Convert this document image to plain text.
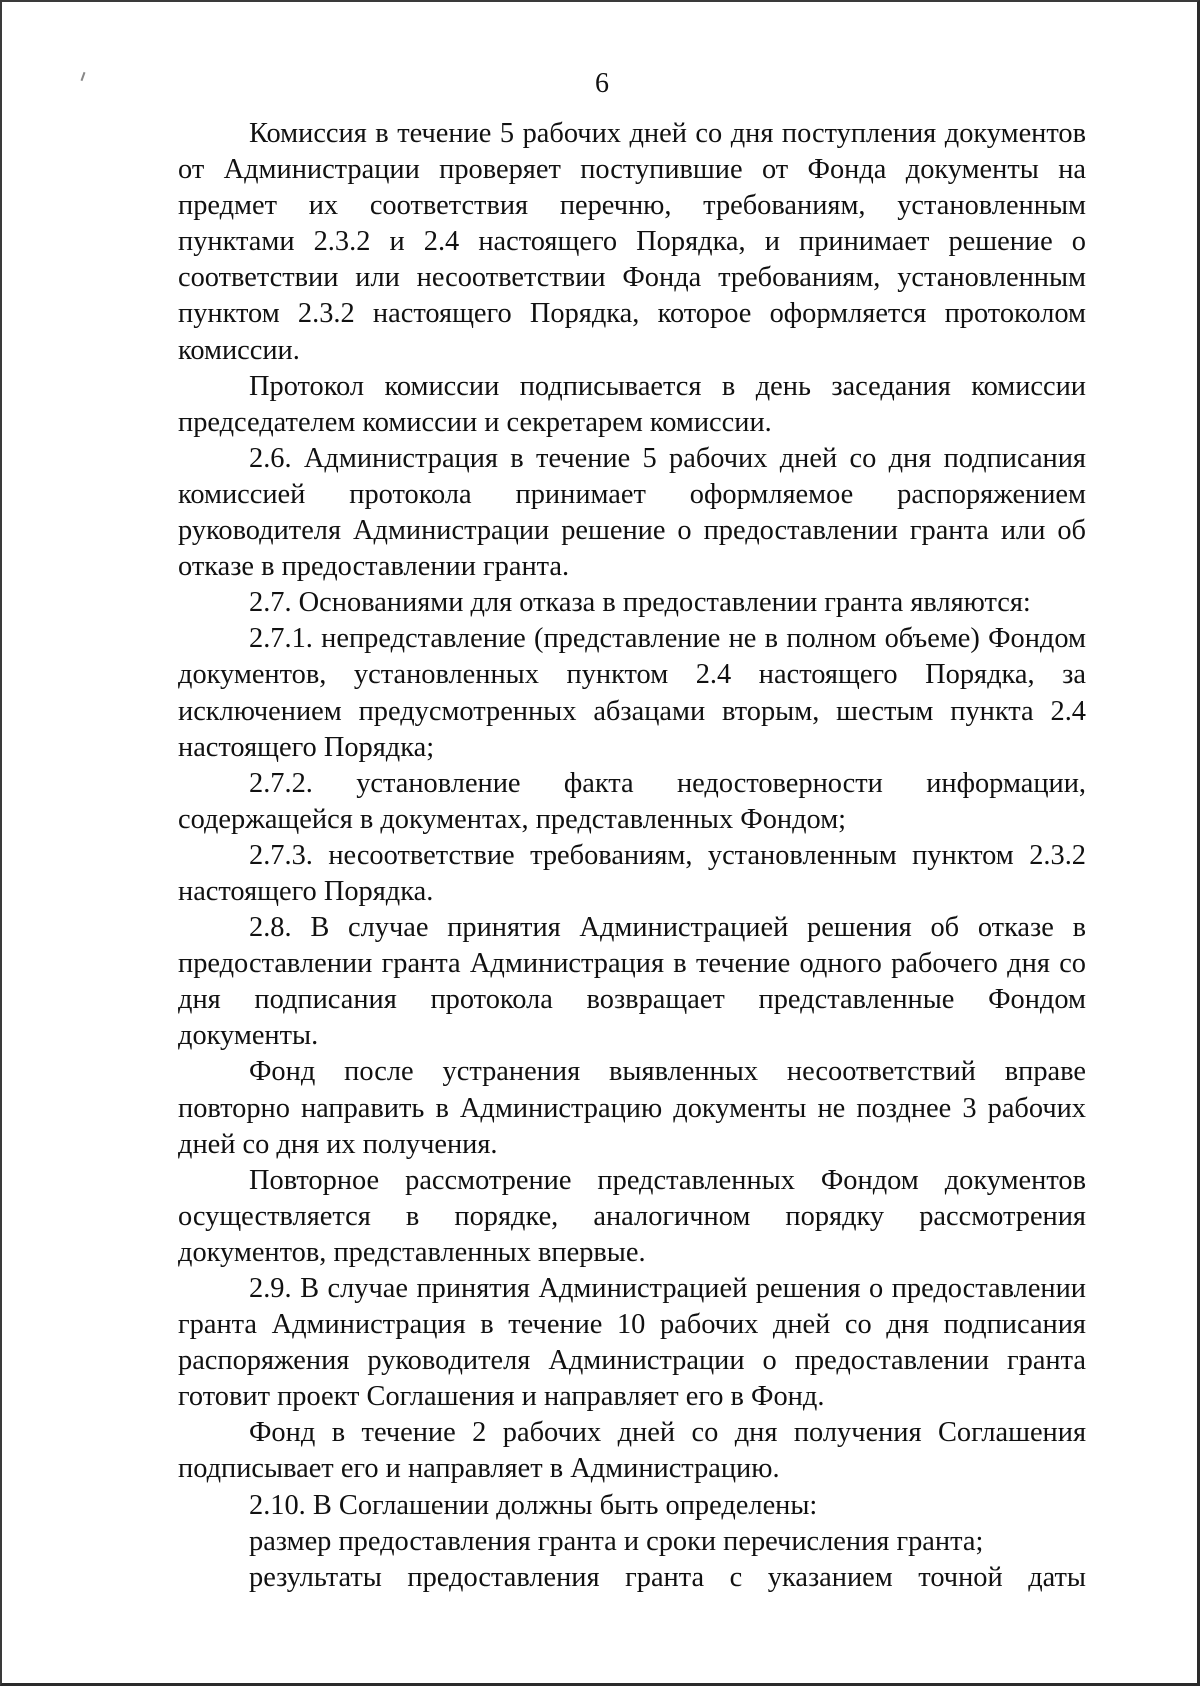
6

Комиссия в течение 5 рабочих дней со дня поступления документов от Администрации проверяет поступившие от Фонда документы на предмет их соответствия перечню, требованиям, установленным пунктами 2.3.2 и 2.4 настоящего Порядка, и принимает решение о соответствии или несоответствии Фонда требованиям, установленным пунктом 2.3.2 настоящего Порядка, которое оформляется протоколом комиссии.

Протокол комиссии подписывается в день заседания комиссии председателем комиссии и секретарем комиссии.

2.6. Администрация в течение 5 рабочих дней со дня подписания комиссией протокола принимает оформляемое распоряжением руководителя Администрации решение о предоставлении гранта или об отказе в предоставлении гранта.

2.7. Основаниями для отказа в предоставлении гранта являются:

2.7.1. непредставление (представление не в полном объеме) Фондом документов, установленных пунктом 2.4 настоящего Порядка, за исключением предусмотренных абзацами вторым, шестым пункта 2.4 настоящего Порядка;

2.7.2. установление факта недостоверности информации, содержащейся в документах, представленных Фондом;

2.7.3. несоответствие требованиям, установленным пунктом 2.3.2 настоящего Порядка.

2.8. В случае принятия Администрацией решения об отказе в предоставлении гранта Администрация в течение одного рабочего дня со дня подписания протокола возвращает представленные Фондом документы.

Фонд после устранения выявленных несоответствий вправе повторно направить в Администрацию документы не позднее 3 рабочих дней со дня их получения.

Повторное рассмотрение представленных Фондом документов осуществляется в порядке, аналогичном порядку рассмотрения документов, представленных впервые.

2.9. В случае принятия Администрацией решения о предоставлении гранта Администрация в течение 10 рабочих дней со дня подписания распоряжения руководителя Администрации о предоставлении гранта готовит проект Соглашения и направляет его в Фонд.

Фонд в течение 2 рабочих дней со дня получения Соглашения подписывает его и направляет в Администрацию.

2.10. В Соглашении должны быть определены:

размер предоставления гранта и сроки перечисления гранта;

результаты предоставления гранта с указанием точной даты
